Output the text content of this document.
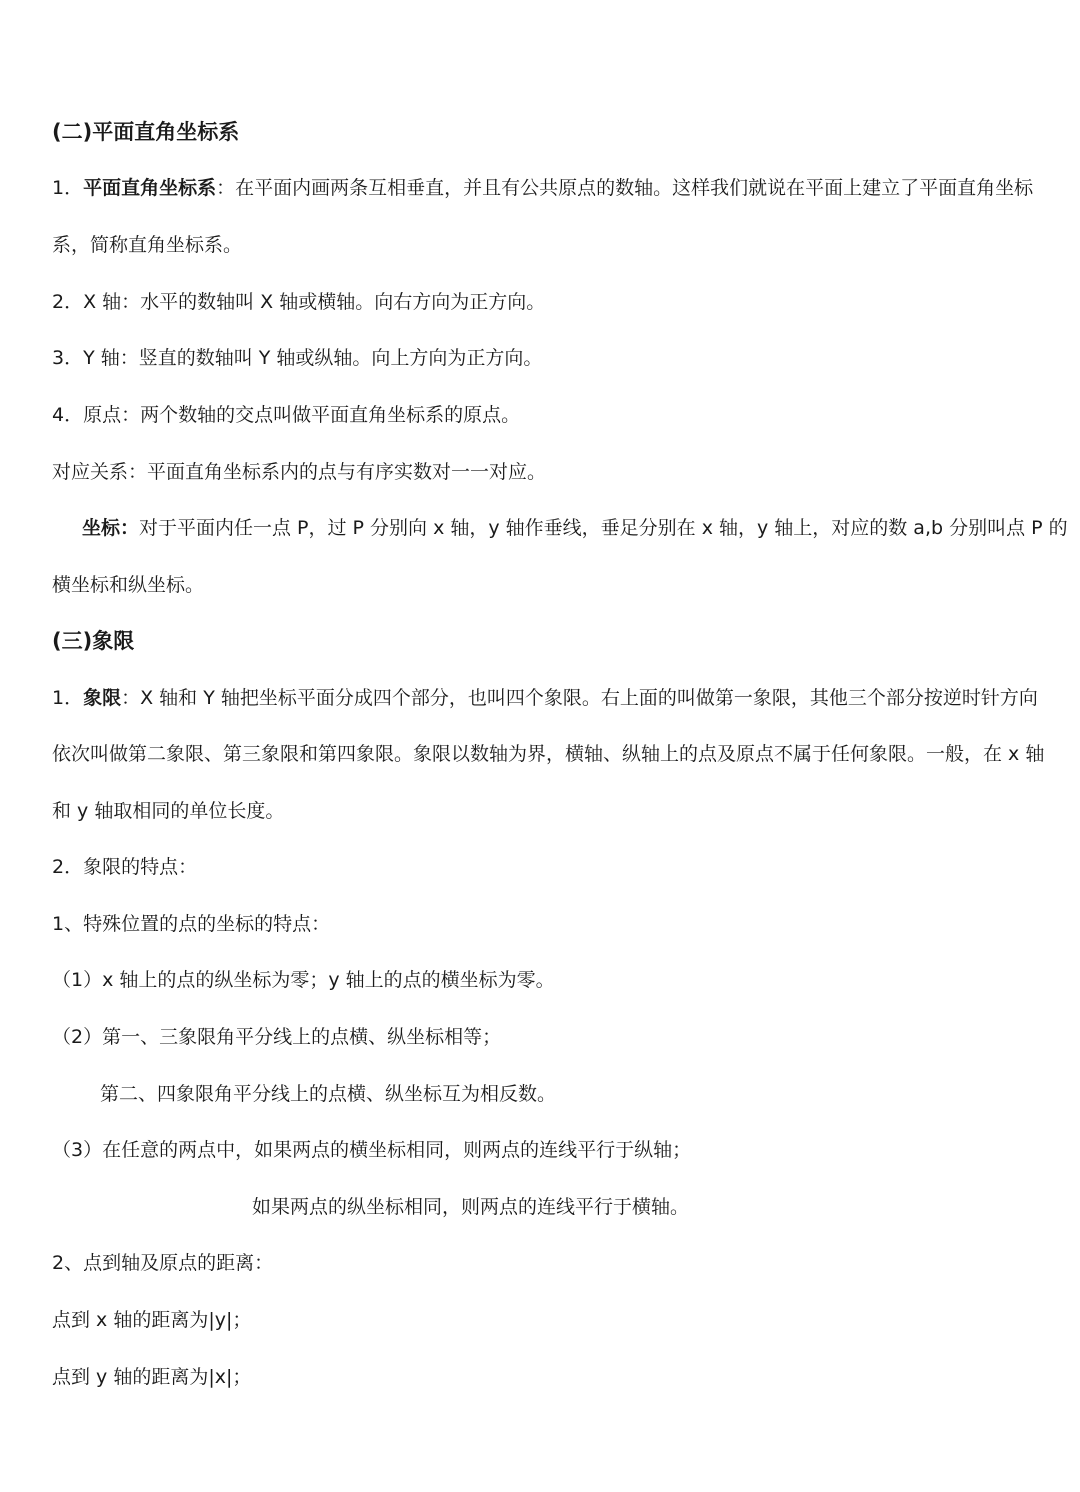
(二)平面直角坐标系
1．平面直角坐标系：在平面内画两条互相垂直，并且有公共原点的数轴。这样我们就说在平面上建立了平面直角坐标
系，简称直角坐标系。
2．X 轴：水平的数轴叫 X 轴或横轴。向右方向为正方向。
3．Y 轴：竖直的数轴叫 Y 轴或纵轴。向上方向为正方向。
4．原点：两个数轴的交点叫做平面直角坐标系的原点。
对应关系：平面直角坐标系内的点与有序实数对一一对应。
坐标：对于平面内任一点 P，过 P 分别向 x 轴，y 轴作垂线，垂足分别在 x 轴，y 轴上，对应的数 a,b 分别叫点 P 的
横坐标和纵坐标。
(三)象限
1．象限：X 轴和 Y 轴把坐标平面分成四个部分，也叫四个象限。右上面的叫做第一象限，其他三个部分按逆时针方向
依次叫做第二象限、第三象限和第四象限。象限以数轴为界，横轴、纵轴上的点及原点不属于任何象限。一般，在 x 轴
和 y 轴取相同的单位长度。
2．象限的特点：
1、特殊位置的点的坐标的特点：
（1）x 轴上的点的纵坐标为零；y 轴上的点的横坐标为零。
（2）第一、三象限角平分线上的点横、纵坐标相等；
第二、四象限角平分线上的点横、纵坐标互为相反数。
（3）在任意的两点中，如果两点的横坐标相同，则两点的连线平行于纵轴；
如果两点的纵坐标相同，则两点的连线平行于横轴。
2、点到轴及原点的距离：
点到 x 轴的距离为|y|；
点到 y 轴的距离为|x|；
